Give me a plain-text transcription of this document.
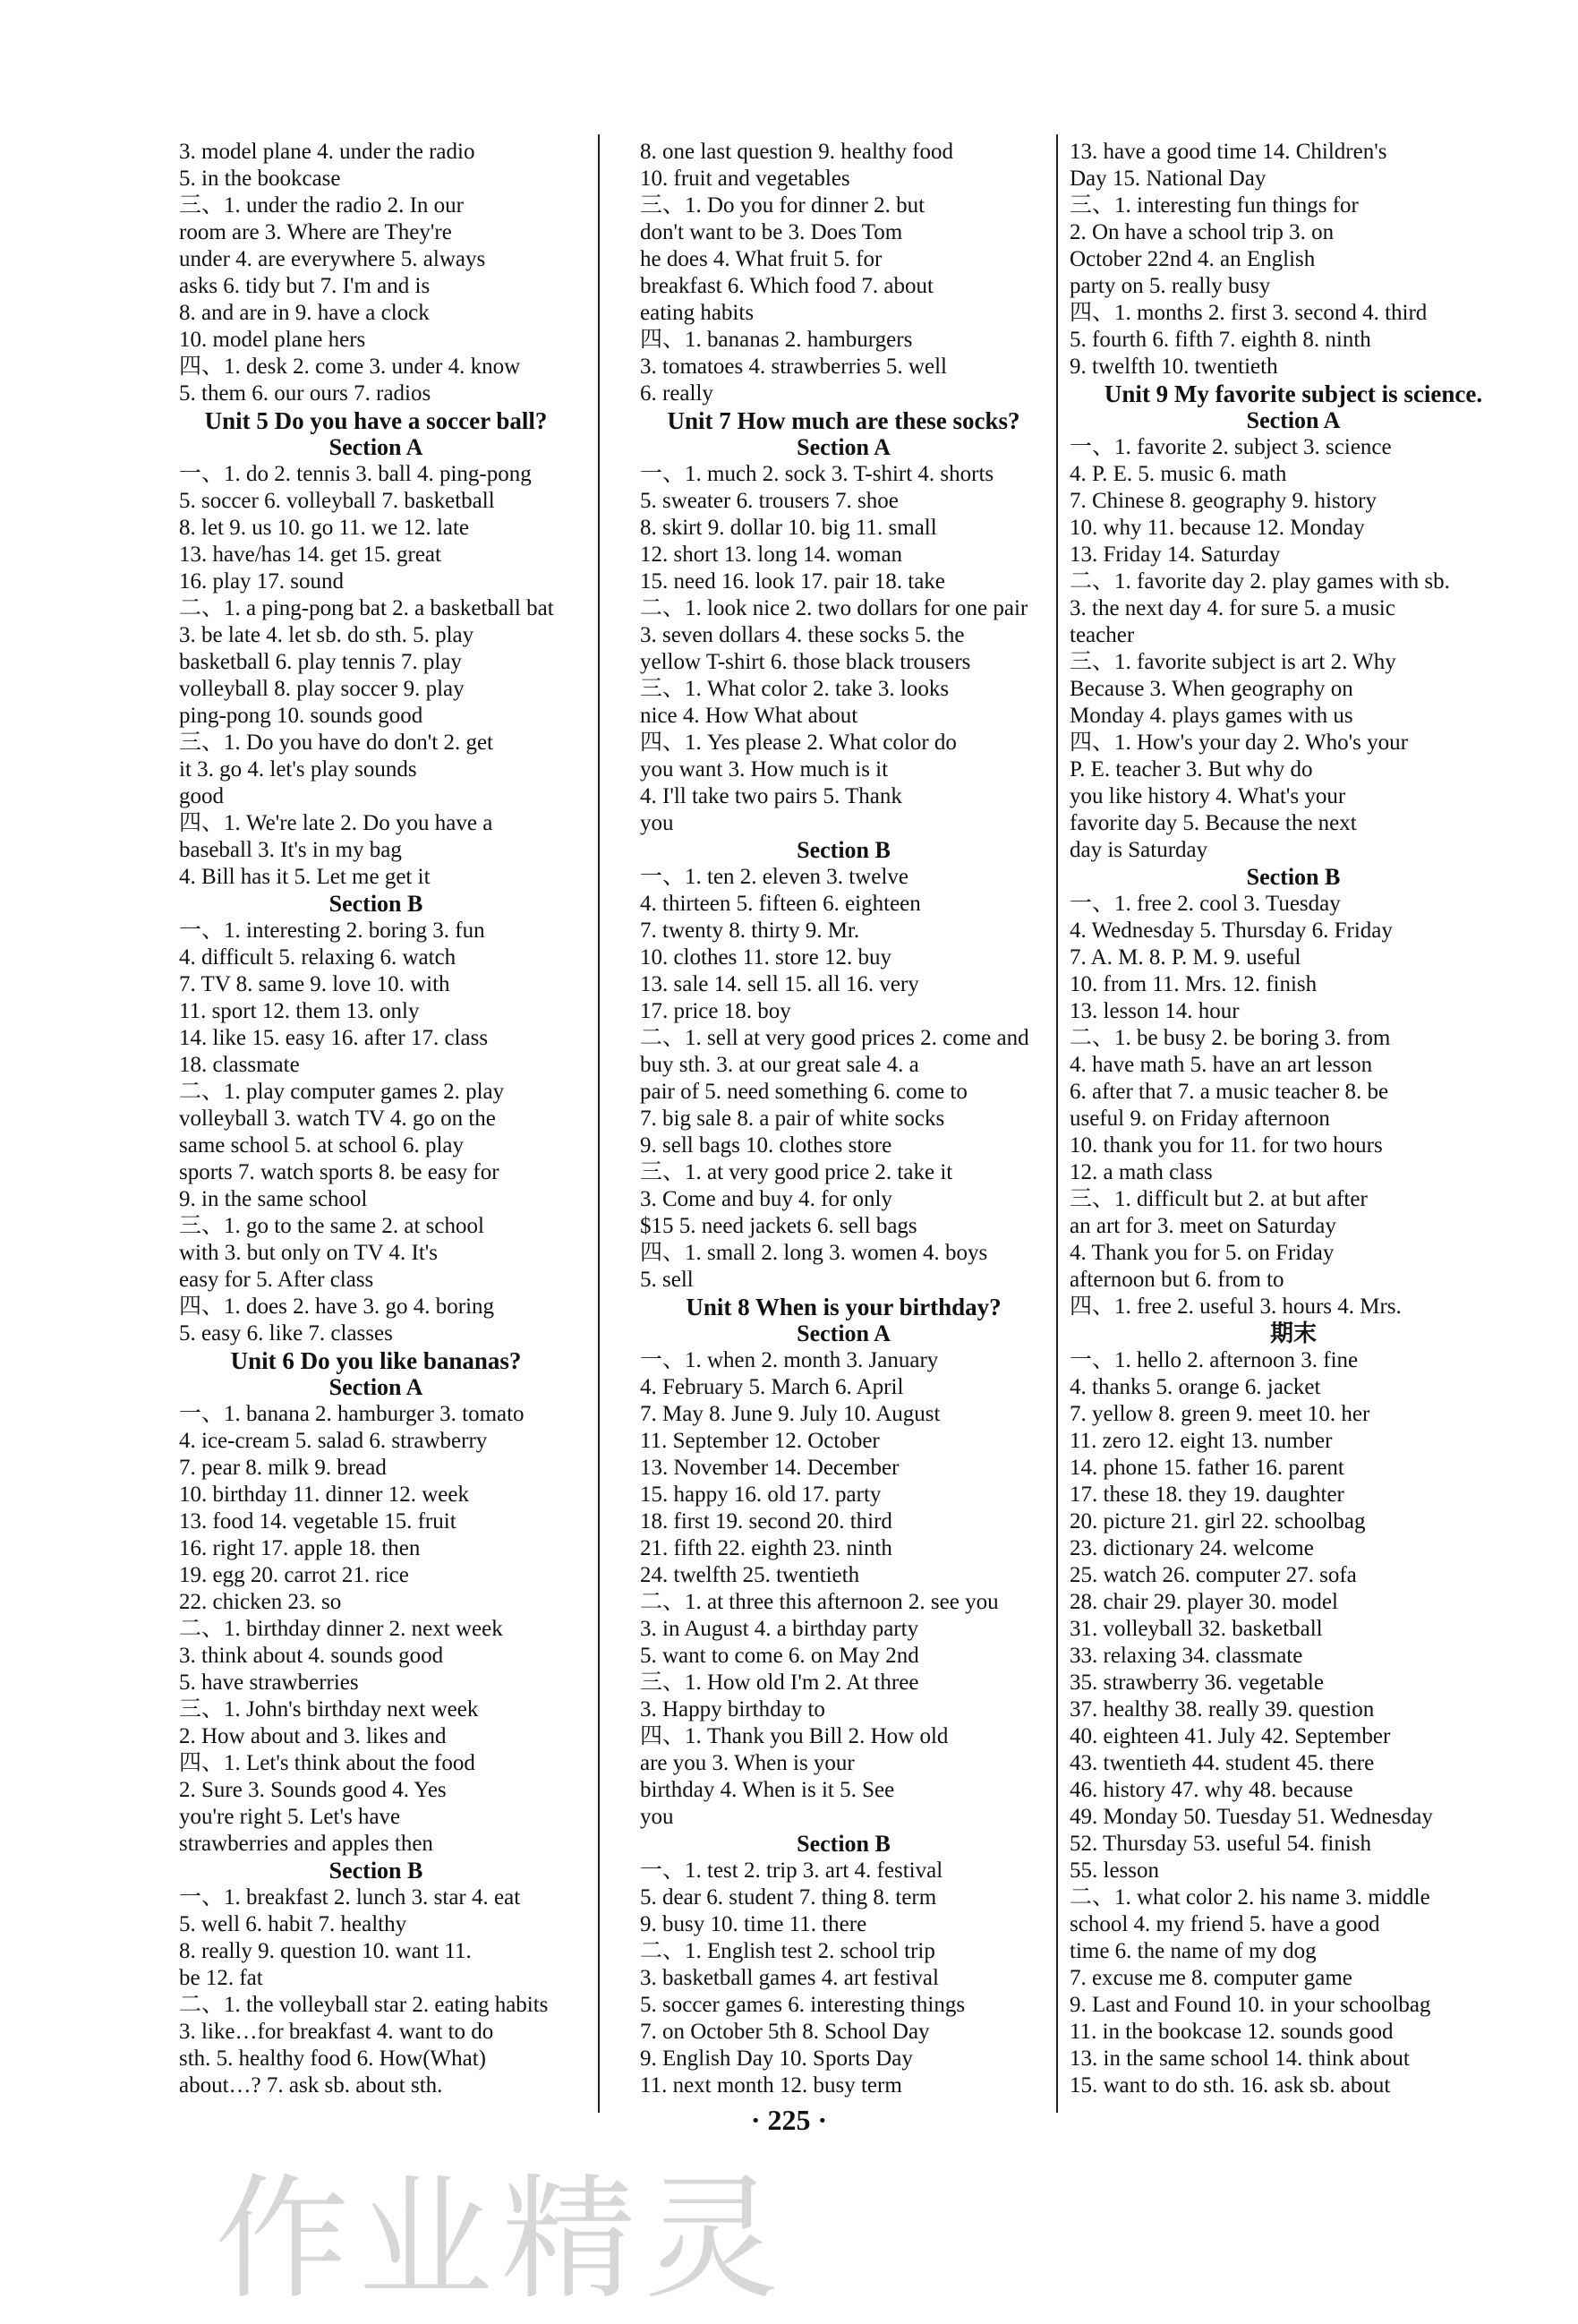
3. model plane 4. under the radio
5. in the bookcase
三、1. under the radio 2. In our
room are 3. Where are They're
under 4. are everywhere 5. always
asks 6. tidy but 7. I'm and is
8. and are in 9. have a clock
10. model plane hers
四、1. desk 2. come 3. under 4. know
5. them 6. our ours 7. radios
Unit 5 Do you have a soccer ball?
Section A
一、1. do 2. tennis 3. ball 4. ping-pong
5. soccer 6. volleyball 7. basketball
8. let 9. us 10. go 11. we 12. late
13. have/has 14. get 15. great
16. play 17. sound
二、1. a ping-pong bat 2. a basketball bat
3. be late 4. let sb. do sth. 5. play
basketball 6. play tennis 7. play
volleyball 8. play soccer 9. play
ping-pong 10. sounds good
三、1. Do you have do don't 2. get
it 3. go 4. let's play sounds
good
四、1. We're late 2. Do you have a
baseball 3. It's in my bag
4. Bill has it 5. Let me get it
Section B
一、1. interesting 2. boring 3. fun
4. difficult 5. relaxing 6. watch
7. TV 8. same 9. love 10. with
11. sport 12. them 13. only
14. like 15. easy 16. after 17. class
18. classmate
二、1. play computer games 2. play
volleyball 3. watch TV 4. go on the
same school 5. at school 6. play
sports 7. watch sports 8. be easy for
9. in the same school
三、1. go to the same 2. at school
with 3. but only on TV 4. It's
easy for 5. After class
四、1. does 2. have 3. go 4. boring
5. easy 6. like 7. classes
Unit 6 Do you like bananas?
Section A
一、1. banana 2. hamburger 3. tomato
4. ice-cream 5. salad 6. strawberry
7. pear 8. milk 9. bread
10. birthday 11. dinner 12. week
13. food 14. vegetable 15. fruit
16. right 17. apple 18. then
19. egg 20. carrot 21. rice
22. chicken 23. so
二、1. birthday dinner 2. next week
3. think about 4. sounds good
5. have strawberries
三、1. John's birthday next week
2. How about and 3. likes and
四、1. Let's think about the food
2. Sure 3. Sounds good 4. Yes
you're right 5. Let's have
strawberries and apples then
Section B
一、1. breakfast 2. lunch 3. star 4. eat
5. well 6. habit 7. healthy
8. really 9. question 10. want 11.
be 12. fat
二、1. the volleyball star 2. eating habits
3. like…for breakfast 4. want to do
sth. 5. healthy food 6. How(What)
about…? 7. ask sb. about sth.
8. one last question 9. healthy food
10. fruit and vegetables
三、1. Do you for dinner 2. but
don't want to be 3. Does Tom
he does 4. What fruit 5. for
breakfast 6. Which food 7. about
eating habits
四、1. bananas 2. hamburgers
3. tomatoes 4. strawberries 5. well
6. really
Unit 7 How much are these socks?
Section A
一、1. much 2. sock 3. T-shirt 4. shorts
5. sweater 6. trousers 7. shoe
8. skirt 9. dollar 10. big 11. small
12. short 13. long 14. woman
15. need 16. look 17. pair 18. take
二、1. look nice 2. two dollars for one pair
3. seven dollars 4. these socks 5. the
yellow T-shirt 6. those black trousers
三、1. What color 2. take 3. looks
nice 4. How What about
四、1. Yes please 2. What color do
you want 3. How much is it
4. I'll take two pairs 5. Thank
you
Section B
一、1. ten 2. eleven 3. twelve
4. thirteen 5. fifteen 6. eighteen
7. twenty 8. thirty 9. Mr.
10. clothes 11. store 12. buy
13. sale 14. sell 15. all 16. very
17. price 18. boy
二、1. sell at very good prices 2. come and
buy sth. 3. at our great sale 4. a
pair of 5. need something 6. come to
7. big sale 8. a pair of white socks
9. sell bags 10. clothes store
三、1. at very good price 2. take it
3. Come and buy 4. for only
$15 5. need jackets 6. sell bags
四、1. small 2. long 3. women 4. boys
5. sell
Unit 8 When is your birthday?
Section A
一、1. when 2. month 3. January
4. February 5. March 6. April
7. May 8. June 9. July 10. August
11. September 12. October
13. November 14. December
15. happy 16. old 17. party
18. first 19. second 20. third
21. fifth 22. eighth 23. ninth
24. twelfth 25. twentieth
二、1. at three this afternoon 2. see you
3. in August 4. a birthday party
5. want to come 6. on May 2nd
三、1. How old I'm 2. At three
3. Happy birthday to
四、1. Thank you Bill 2. How old
are you 3. When is your
birthday 4. When is it 5. See
you
Section B
一、1. test 2. trip 3. art 4. festival
5. dear 6. student 7. thing 8. term
9. busy 10. time 11. there
二、1. English test 2. school trip
3. basketball games 4. art festival
5. soccer games 6. interesting things
7. on October 5th 8. School Day
9. English Day 10. Sports Day
11. next month 12. busy term
13. have a good time 14. Children's
Day 15. National Day
三、1. interesting fun things for
2. On have a school trip 3. on
October 22nd 4. an English
party on 5. really busy
四、1. months 2. first 3. second 4. third
5. fourth 6. fifth 7. eighth 8. ninth
9. twelfth 10. twentieth
Unit 9 My favorite subject is science.
Section A
一、1. favorite 2. subject 3. science
4. P. E. 5. music 6. math
7. Chinese 8. geography 9. history
10. why 11. because 12. Monday
13. Friday 14. Saturday
二、1. favorite day 2. play games with sb.
3. the next day 4. for sure 5. a music
teacher
三、1. favorite subject is art 2. Why
Because 3. When geography on
Monday 4. plays games with us
四、1. How's your day 2. Who's your
P. E. teacher 3. But why do
you like history 4. What's your
favorite day 5. Because the next
day is Saturday
Section B
一、1. free 2. cool 3. Tuesday
4. Wednesday 5. Thursday 6. Friday
7. A. M. 8. P. M. 9. useful
10. from 11. Mrs. 12. finish
13. lesson 14. hour
二、1. be busy 2. be boring 3. from
4. have math 5. have an art lesson
6. after that 7. a music teacher 8. be
useful 9. on Friday afternoon
10. thank you for 11. for two hours
12. a math class
三、1. difficult but 2. at but after
an art for 3. meet on Saturday
4. Thank you for 5. on Friday
afternoon but 6. from to
四、1. free 2. useful 3. hours 4. Mrs.
期末
一、1. hello 2. afternoon 3. fine
4. thanks 5. orange 6. jacket
7. yellow 8. green 9. meet 10. her
11. zero 12. eight 13. number
14. phone 15. father 16. parent
17. these 18. they 19. daughter
20. picture 21. girl 22. schoolbag
23. dictionary 24. welcome
25. watch 26. computer 27. sofa
28. chair 29. player 30. model
31. volleyball 32. basketball
33. relaxing 34. classmate
35. strawberry 36. vegetable
37. healthy 38. really 39. question
40. eighteen 41. July 42. September
43. twentieth 44. student 45. there
46. history 47. why 48. because
49. Monday 50. Tuesday 51. Wednesday
52. Thursday 53. useful 54. finish
55. lesson
二、1. what color 2. his name 3. middle
school 4. my friend 5. have a good
time 6. the name of my dog
7. excuse me 8. computer game
9. Last and Found 10. in your schoolbag
11. in the bookcase 12. sounds good
13. in the same school 14. think about
15. want to do sth. 16. ask sb. about
· 225 ·
作业精灵
